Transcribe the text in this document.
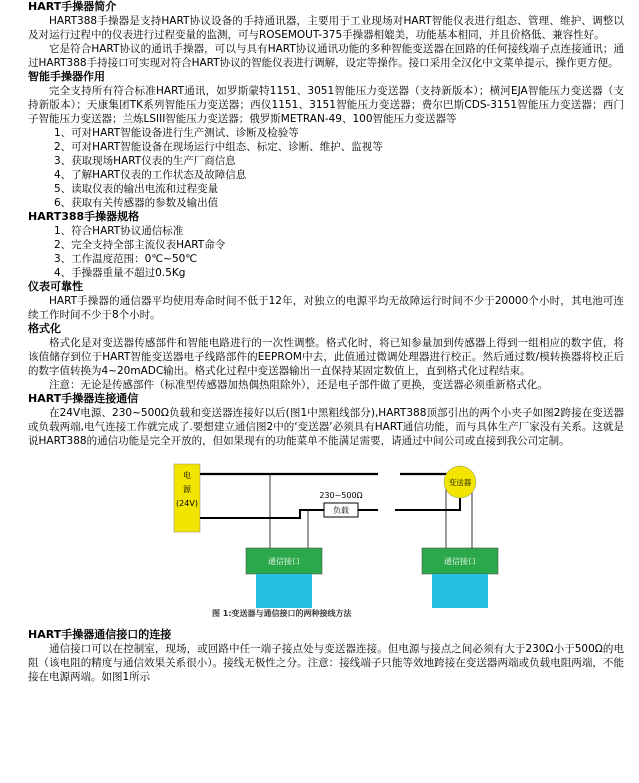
HART手操器简介

HART388手操器是支持HART协议设备的手持通讯器，主要用于工业现场对HART智能仪表进行组态、管理、维护、调整以及对运行过程中的仪表进行过程变量的监测，可与ROSEMOUT-375手操器相媲美，功能基本相同，并且价格低、兼容性好。

它是符合HART协议的通讯手操器，可以与具有HART协议通讯功能的多种智能变送器在回路的任何接线端子点连接通讯；通过HART388手持接口可实现对符合HART协议的智能仪表进行调解，设定等操作。接口采用全汉化中文菜单提示，操作更方便。

智能手操器作用

完全支持所有符合标准HART通讯，如罗斯蒙特1151、3051智能压力变送器（支持新版本）；横河EJA智能压力变送器（支持新版本）；天康集团TK系列智能压力变送器；西仪1151、3151智能压力变送器；费尔巴斯CDS-3151智能压力变送器；西门子智能压力变送器；兰炼LSIII智能压力变送器；俄罗斯METRAN-49、100智能压力变送器等

1、可对HART智能设备进行生产测试、诊断及检验等

2、可对HART智能设备在现场运行中组态、标定、诊断、维护、监视等

3、获取现场HART仪表的生产厂商信息

4、了解HART仪表的工作状态及故障信息

5、读取仪表的输出电流和过程变量

6、获取有关传感器的参数及输出值

HART388手操器规格

1、符合HART协议通信标准

2、完全支持全部主流仪表HART命令

3、工作温度范围：0℃~50℃

4、手操器重量不超过0.5Kg

仪表可靠性

HART手操器的通信器平均使用寿命时间不低于12年，对独立的电源平均无故障运行时间不少于20000个小时，其电池可连续工作时间不少于8个小时。

格式化

格式化是对变送器传感部件和智能电路进行的一次性调整。格式化时，将已知参量加到传感器上得到一组相应的数字值，将该值储存到位于HART智能变送器电子线路部件的EEPROM中去，此值通过微调处理器进行校正。然后通过数/模转换器将校正后的数字值转换为4~20mADC输出。格式化过程中变送器输出一直保持某固定数值上，直到格式化过程结束。

注意：无论是传感部件（标准型传感器加热偶热阻除外），还是电子部件做了更换，变送器必须重新格式化。

HART手操器连接通信

在24V电源、230~500Ω负载和变送器连接好以后(图1中黑粗线部分),HART388顶部引出的两个小夹子如图2跨接在变送器或负载两端,电气连接工作就完成了.要想建立通信图2中的‘变送器’必须具有HART通信功能，而与具体生产厂家没有关系。这就是说HART388的通信功能是完全开放的，但如果现有的功能菜单不能满足需要，请通过中间公司或直接到我公司定制。

电源(24V)
230~500Ω
负载
变送器
通信接口	通信接口
图 1:变送器与通信接口的两种接线方法

HART手操器通信接口的连接

通信接口可以在控制室，现场，或回路中任一端子接点处与变送器连接。但电源与接点之间必须有大于230Ω小于500Ω的电阻（该电阻的精度与通信效果关系很小）。接线无极性之分。注意：接线端子只能等效地跨接在变送器两端或负载电阻两端，不能接在电源两端。如图1所示
